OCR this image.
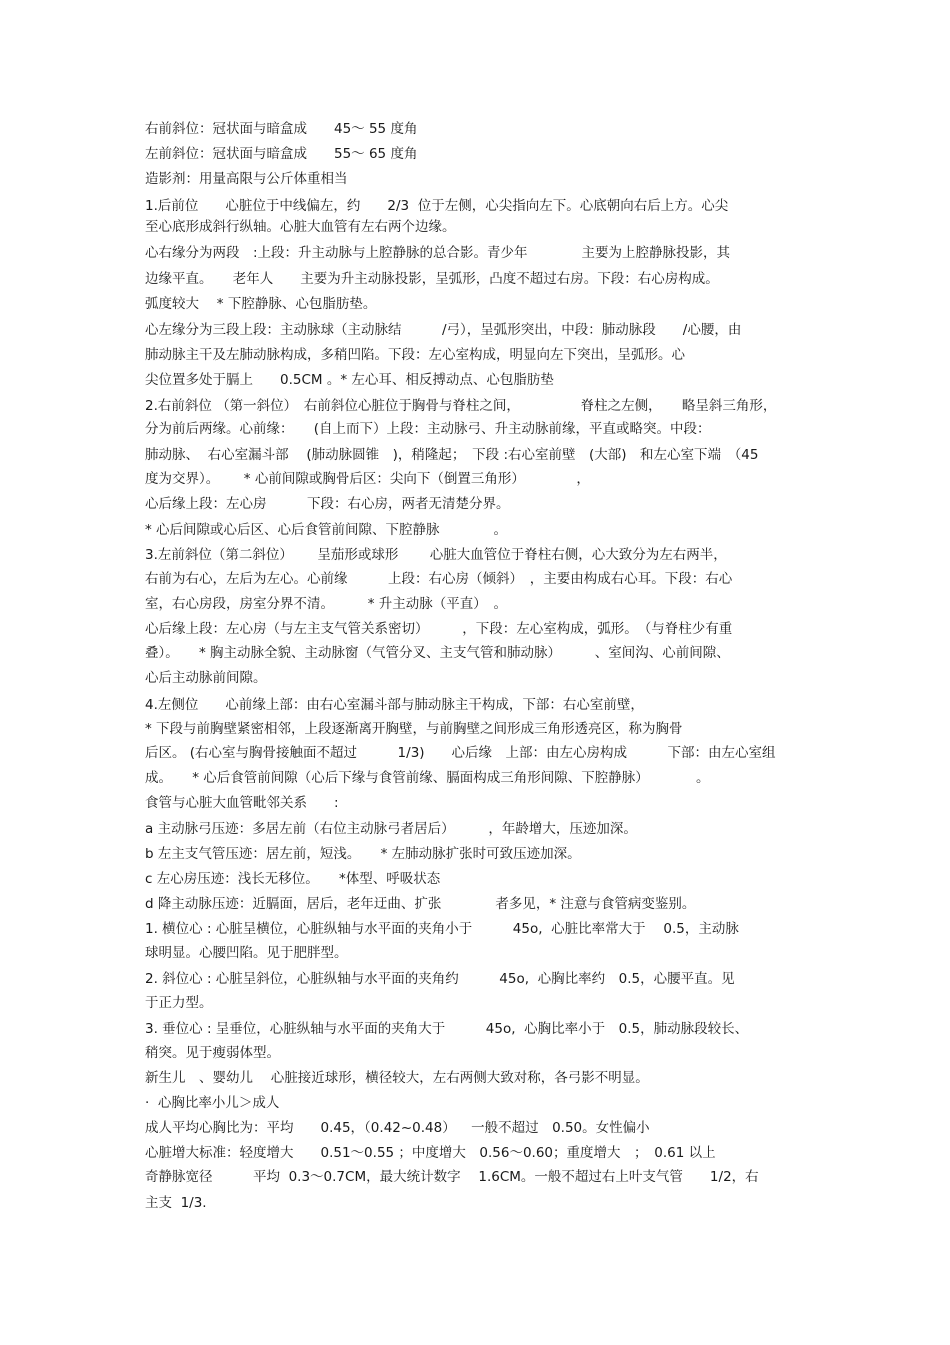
右前斜位：冠状面与暗盒成　　45～ 55 度角
左前斜位：冠状面与暗盒成　　55～ 65 度角
造影剂：用量高限与公斤体重相当
1.后前位　　心脏位于中线偏左，约　　2/3  位于左侧，心尖指向左下。心底朝向右后上方。心尖
至心底形成斜行纵轴。心脏大血管有左右两个边缘。
心右缘分为两段　:上段：升主动脉与上腔静脉的总合影。青少年　　　　主要为上腔静脉投影，其
边缘平直。　　老年人　　主要为升主动脉投影，呈弧形，凸度不超过右房。下段：右心房构成。
弧度较大　 * 下腔静脉、心包脂肪垫。
心左缘分为三段上段：主动脉球（主动脉结　　　/弓），呈弧形突出，中段：肺动脉段　　/心腰，由
肺动脉主干及左肺动脉构成，多稍凹陷。下段：左心室构成，明显向左下突出，呈弧形。心
尖位置多处于膈上　　0.5CM 。* 左心耳、相反搏动点、心包脂肪垫
2.右前斜位 （第一斜位）　右前斜位心脏位于胸骨与脊柱之间，　　　　　脊柱之左侧，　　略呈斜三角形，
分为前后两缘。心前缘：　　(自上而下）上段：主动脉弓、升主动脉前缘，平直或略突。中段：
肺动脉、  右心室漏斗部　 (肺动脉圆锥　)，稍隆起；　下段 :右心室前壁　(大部)　和左心室下端　（45
度为交界）。　　 * 心前间隙或胸骨后区：尖向下（倒置三角形）　　　　 ，
心后缘上段：左心房　　　下段：右心房，两者无清楚分界。
* 心后间隙或心后区、心后食管前间隙、下腔静脉　　　　。
3.左前斜位（第二斜位）　　 呈茄形或球形　　 心脏大血管位于脊柱右侧，心大致分为左右两半，
右前为右心，左后为左心。心前缘　　　上段：右心房（倾斜）　，主要由构成右心耳。下段：右心
室，右心房段，房室分界不清。　　　* 升主动脉（平直）　。
心后缘上段：左心房（与左主支气管关系密切）　　　，下段：左心室构成，弧形。　（与脊柱少有重
叠）。　　* 胸主动脉全貌、主动脉窗（气管分叉、主支气管和肺动脉）　　　、室间沟、心前间隙、
心后主动脉前间隙。
4.左侧位　　心前缘上部：由右心室漏斗部与肺动脉主干构成，下部：右心室前壁，
* 下段与前胸壁紧密相邻，上段逐渐离开胸壁，与前胸壁之间形成三角形透亮区，称为胸骨
后区。 (右心室与胸骨接触面不超过　　　1/3)　　心后缘　上部：由左心房构成　　　下部：由左心室组
成。　　* 心后食管前间隙（心后下缘与食管前缘、膈面构成三角形间隙、下腔静脉）　　　　。
食管与心脏大血管毗邻关系　　:
a 主动脉弓压迹：多居左前（右位主动脉弓者居后）　　　，年龄增大，压迹加深。
b 左主支气管压迹：居左前，短浅。　　* 左肺动脉扩张时可致压迹加深。
c 左心房压迹：浅长无移位。　　*体型、呼吸状态
d 降主动脉压迹：近膈面，居后，老年迂曲、扩张　　　　者多见，* 注意与食管病变鉴别。
1. 横位心 : 心脏呈横位，心脏纵轴与水平面的夹角小于　　　45o,  心脏比率常大于　 0.5，主动脉
球明显。心腰凹陷。见于肥胖型。
2. 斜位心 : 心脏呈斜位，心脏纵轴与水平面的夹角约　　　45o,  心胸比率约　0.5，心腰平直。见
于正力型。
3. 垂位心 : 呈垂位，心脏纵轴与水平面的夹角大于　　　45o,  心胸比率小于　0.5，肺动脉段较长、
稍突。见于瘦弱体型。
新生儿　、婴幼儿　 心脏接近球形，横径较大，左右两侧大致对称，各弓影不明显。
·  心胸比率小儿＞成人
成人平均心胸比为：平均　　0.45，（0.42~0.48）　  一般不超过　0.50。女性偏小
心脏增大标准：轻度增大　　0.51～0.55 ；中度增大　0.56～0.60；重度增大　；　0.61 以上
奇静脉宽径　　　平均  0.3～0.7CM，最大统计数字　 1.6CM。一般不超过右上叶支气管　　1/2，右
主支  1/3.
